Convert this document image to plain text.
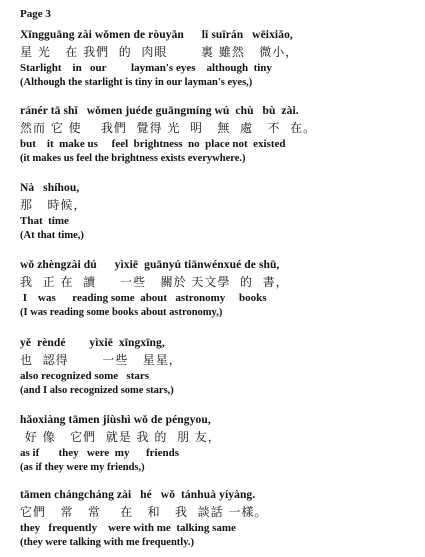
Page 3
Xīngguāng zài wǒmen de ròuyǎn      lǐ suīrán   wēixiǎo,
星 光   在 我們  的  肉眼       裏 雖然   微小，
Starlight    in   our         layman's eyes    although  tiny
(Although the starlight is tiny in our layman's eyes,)
ránér tā shǐ   wǒmen juéde guāngmíng wú  chù   bù  zài.
然而 它 使    我們  覺得 光  明   無  處   不  在。
but    it  make us     feel  brightness  no  place not  existed
(it makes us feel the brightness exists everywhere.)
Nà   shíhou,
那   時候，
That  time
(At that time,)
wǒ zhèngzài dú      yìxiē  guānyú tiānwénxué de shū,
我  正 在  讀     一些   關於 天文學  的  書，
I    was      reading some  about   astronomy     books
(I was reading some books about astronomy,)
yě  rèndé        yìxiē  xīngxīng,
也  認得       一些   星星，
also recognized some   stars
(and I also recognized some stars,)
hǎoxiàng tāmen jiùshì wǒ de péngyou,
好 像   它們  就是 我 的  朋 友，
as if       they   were  my      friends
(as if they were my friends,)
tāmen chángcháng zài   hé   wǒ  tánhuà yíyàng.
它們   常   常    在   和   我  談話 一樣。
they   frequently    were with me  talking same
(they were talking with me frequently.)
